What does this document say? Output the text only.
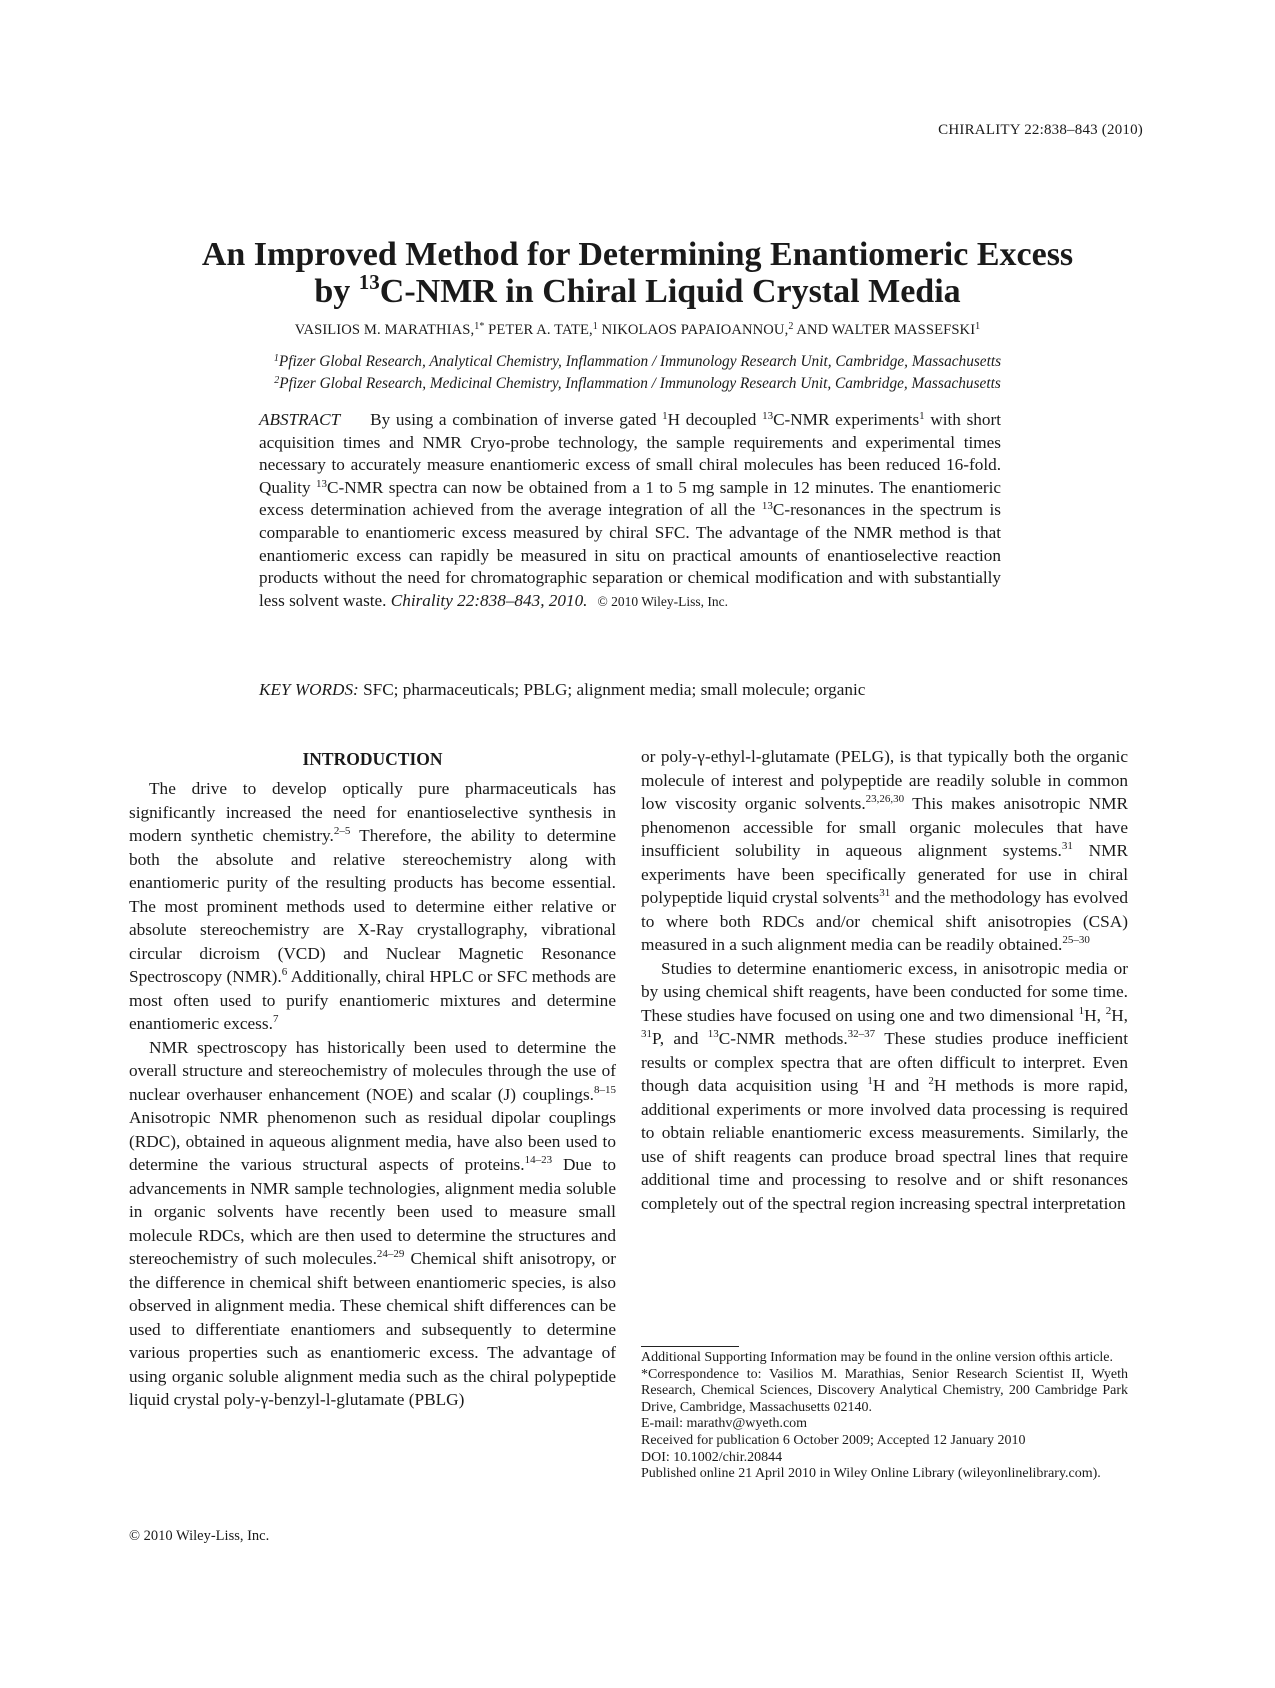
CHIRALITY 22:838–843 (2010)
An Improved Method for Determining Enantiomeric Excess
by $^{13}$C-NMR in Chiral Liquid Crystal Media
VASILIOS M. MARATHIAS,$^{1*}$ PETER A. TATE,$^1$ NIKOLAOS PAPAIOANNOU,$^2$ AND WALTER MASSEFSKI$^1$
$^1$Pfizer Global Research, Analytical Chemistry, Inflammation / Immunology Research Unit, Cambridge, Massachusetts
$^2$Pfizer Global Research, Medicinal Chemistry, Inflammation / Immunology Research Unit, Cambridge, Massachusetts

ABSTRACT By using a combination of inverse gated $^1$H decoupled $^{13}$C-NMR experiments$^1$ with short acquisition times and NMR Cryo-probe technology, the sample requirements and experimental times necessary to accurately measure enantiomeric excess of small chiral molecules has been reduced 16-fold. Quality $^{13}$C-NMR spectra can now be obtained from a 1 to 5 mg sample in 12 minutes. The enantiomeric excess determination achieved from the average integration of all the $^{13}$C-resonances in the spectrum is comparable to enantiomeric excess measured by chiral SFC. The advantage of the NMR method is that enantiomeric excess can rapidly be measured in situ on practical amounts of enantioselective reaction products without the need for chromatographic separation or chemical modification and with substantially less solvent waste. Chirality 22:838–843, 2010. © 2010 Wiley-Liss, Inc.

KEY WORDS: SFC; pharmaceuticals; PBLG; alignment media; small molecule; organic
INTRODUCTION

The drive to develop optically pure pharmaceuticals has significantly increased the need for enantioselective synthesis in modern synthetic chemistry.$^{2-5}$ Therefore, the ability to determine both the absolute and relative stereochemistry along with enantiomeric purity of the resulting products has become essential. The most prominent methods used to determine either relative or absolute stereochemistry are X-Ray crystallography, vibrational circular dicroism (VCD) and Nuclear Magnetic Resonance Spectroscopy (NMR).$^6$ Additionally, chiral HPLC or SFC methods are most often used to purify enantiomeric mixtures and determine enantiomeric excess.$^7$

NMR spectroscopy has historically been used to determine the overall structure and stereochemistry of molecules through the use of nuclear overhauser enhancement (NOE) and scalar (J) couplings.$^{8-15}$ Anisotropic NMR phenomenon such as residual dipolar couplings (RDC), obtained in aqueous alignment media, have also been used to determine the various structural aspects of proteins.$^{14-23}$ Due to advancements in NMR sample technologies, alignment media soluble in organic solvents have recently been used to measure small molecule RDCs, which are then used to determine the structures and stereochemistry of such molecules.$^{24-29}$ Chemical shift anisotropy, or the difference in chemical shift between enantiomeric species, is also observed in alignment media. These chemical shift differences can be used to differentiate enantiomers and subsequently to determine various properties such as enantiomeric excess. The advantage of using organic soluble alignment media such as the chiral polypeptide liquid crystal poly-γ-benzyl-l-glutamate (PBLG)

© 2010 Wiley-Liss, Inc.

or poly-γ-ethyl-l-glutamate (PELG), is that typically both the organic molecule of interest and polypeptide are readily soluble in common low viscosity organic solvents.$^{23,26,30}$ This makes anisotropic NMR phenomenon accessible for small organic molecules that have insufficient solubility in aqueous alignment systems.$^{31}$ NMR experiments have been specifically generated for use in chiral polypeptide liquid crystal solvents$^{31}$ and the methodology has evolved to where both RDCs and/or chemical shift anisotropies (CSA) measured in a such alignment media can be readily obtained.$^{25-30}$

Studies to determine enantiomeric excess, in anisotropic media or by using chemical shift reagents, have been conducted for some time. These studies have focused on using one and two dimensional $^1$H, $^2$H, $^{31}$P, and $^{13}$C-NMR methods.$^{32-37}$ These studies produce inefficient results or complex spectra that are often difficult to interpret. Even though data acquisition using $^1$H and $^2$H methods is more rapid, additional experiments or more involved data processing is required to obtain reliable enantiomeric excess measurements. Similarly, the use of shift reagents can produce broad spectral lines that require additional time and processing to resolve and or shift resonances completely out of the spectral region increasing spectral interpretation

Additional Supporting Information may be found in the online version ofthis article.
*Correspondence to: Vasilios M. Marathias, Senior Research Scientist II, Wyeth Research, Chemical Sciences, Discovery Analytical Chemistry, 200 Cambridge Park Drive, Cambridge, Massachusetts 02140.
E-mail: marathv@wyeth.com
Received for publication 6 October 2009; Accepted 12 January 2010
DOI: 10.1002/chir.20844
Published online 21 April 2010 in Wiley Online Library (wileyonlinelibrary.com).
